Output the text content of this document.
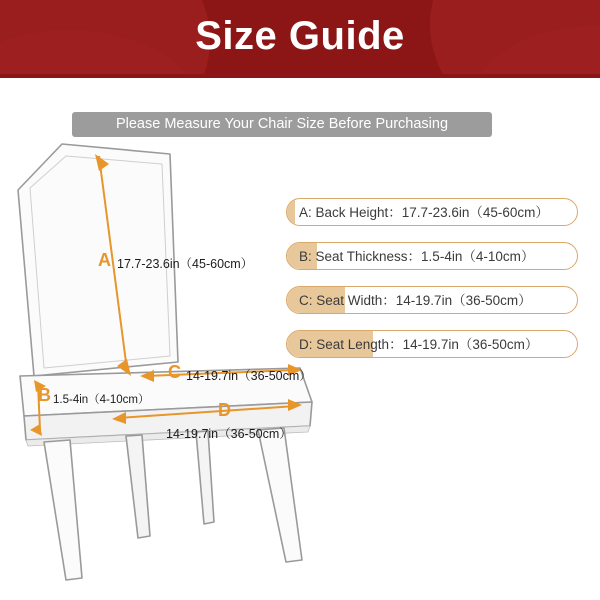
Size Guide
Please Measure Your Chair Size Before Purchasing
A 17.7-23.6in（45-60cm）
B 1.5-4in（4-10cm）
C 14-19.7in（36-50cm）
D
14-19.7in（36-50cm）
A: Back Height：17.7-23.6in（45-60cm）
B: Seat Thickness：1.5-4in（4-10cm）
C: Seat Width：14-19.7in（36-50cm）
D: Seat Length：14-19.7in（36-50cm）
